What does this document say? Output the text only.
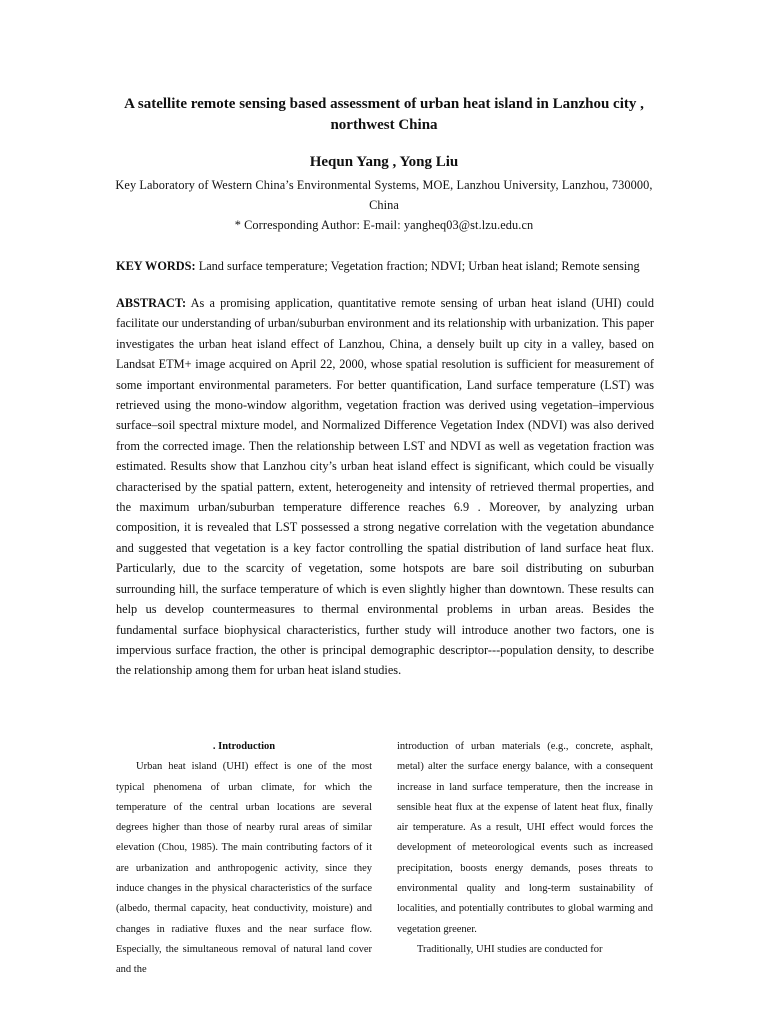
A satellite remote sensing based assessment of urban heat island in Lanzhou city , northwest China
Hequn Yang , Yong Liu
Key Laboratory of Western China’s Environmental Systems, MOE, Lanzhou University, Lanzhou, 730000, China
* Corresponding Author: E-mail: yangheq03@st.lzu.edu.cn
KEY WORDS: Land surface temperature; Vegetation fraction; NDVI; Urban heat island; Remote sensing
ABSTRACT: As a promising application, quantitative remote sensing of urban heat island (UHI) could facilitate our understanding of urban/suburban environment and its relationship with urbanization. This paper investigates the urban heat island effect of Lanzhou, China, a densely built up city in a valley, based on Landsat ETM+ image acquired on April 22, 2000, whose spatial resolution is sufficient for measurement of some important environmental parameters. For better quantification, Land surface temperature (LST) was retrieved using the mono-window algorithm, vegetation fraction was derived using vegetation–impervious surface–soil spectral mixture model, and Normalized Difference Vegetation Index (NDVI) was also derived from the corrected image. Then the relationship between LST and NDVI as well as vegetation fraction was estimated. Results show that Lanzhou city’s urban heat island effect is significant, which could be visually characterised by the spatial pattern, extent, heterogeneity and intensity of retrieved thermal properties, and the maximum urban/suburban temperature difference reaches 6.9 . Moreover, by analyzing urban composition, it is revealed that LST possessed a strong negative correlation with the vegetation abundance and suggested that vegetation is a key factor controlling the spatial distribution of land surface heat flux. Particularly, due to the scarcity of vegetation, some hotspots are bare soil distributing on suburban surrounding hill, the surface temperature of which is even slightly higher than downtown. These results can help us develop countermeasures to thermal environmental problems in urban areas. Besides the fundamental surface biophysical characteristics, further study will introduce another two factors, one is impervious surface fraction, the other is principal demographic descriptor---population density, to describe the relationship among them for urban heat island studies.

. Introduction

Urban heat island (UHI) effect is one of the most typical phenomena of urban climate, for which the temperature of the central urban locations are several degrees higher than those of nearby rural areas of similar elevation (Chou, 1985). The main contributing factors of it are urbanization and anthropogenic activity, since they induce changes in the physical characteristics of the surface (albedo, thermal capacity, heat conductivity, moisture) and changes in radiative fluxes and the near surface flow. Especially, the simultaneous removal of natural land cover and the

introduction of urban materials (e.g., concrete, asphalt, metal) alter the surface energy balance, with a consequent increase in land surface temperature, then the increase in sensible heat flux at the expense of latent heat flux, finally air temperature. As a result, UHI effect would forces the development of meteorological events such as increased precipitation, boosts energy demands, poses threats to environmental quality and long-term sustainability of localities, and potentially contributes to global warming and vegetation greener.

Traditionally, UHI studies are conducted for
